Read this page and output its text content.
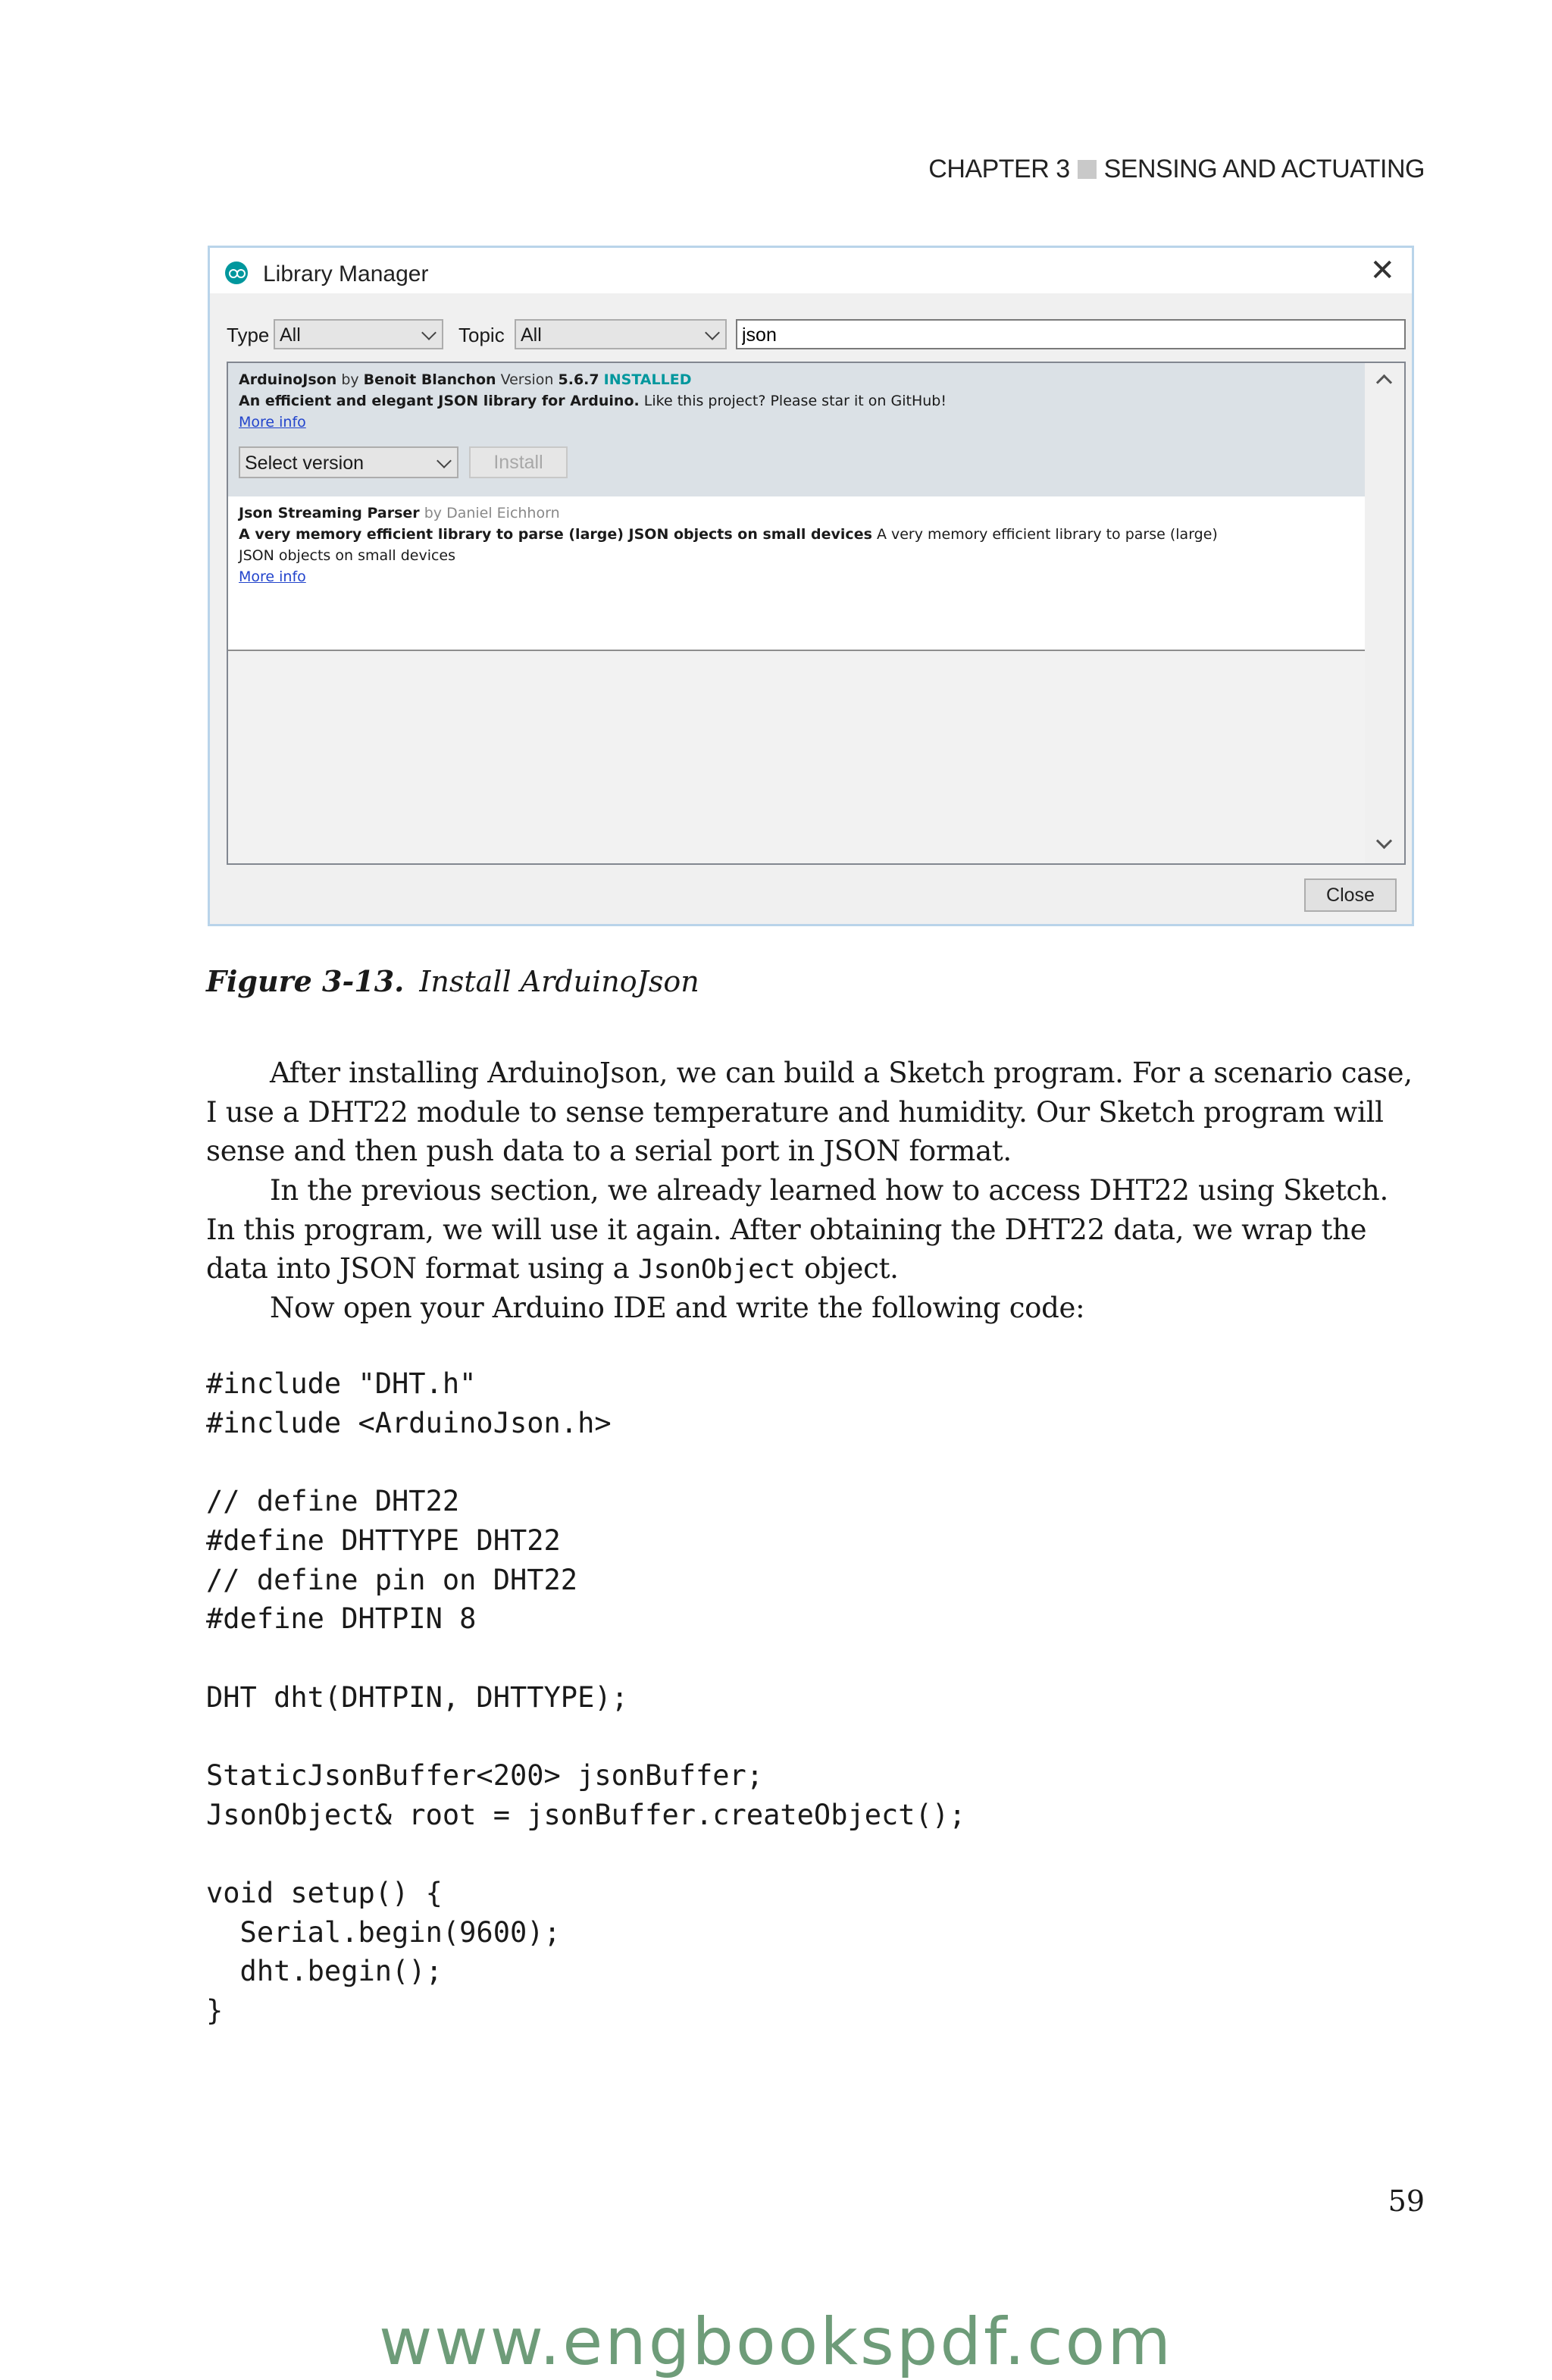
CHAPTER 3 SENSING AND ACTUATING
Library Manager	✕
Type All	Topic All
json
ArduinoJson by Benoit Blanchon Version 5.6.7 INSTALLED
An efficient and elegant JSON library for Arduino. Like this project? Please star it on GitHub!
More info
Select version	Install
Json Streaming Parser by Daniel Eichhorn
A very memory efficient library to parse (large) JSON objects on small devices A very memory efficient library to parse (large)
JSON objects on small devices
More info
Close
Figure 3-13. Install ArduinoJson

After installing ArduinoJson, we can build a Sketch program. For a scenario case, I use a DHT22 module to sense temperature and humidity. Our Sketch program will sense and then push data to a serial port in JSON format.

In the previous section, we already learned how to access DHT22 using Sketch. In this program, we will use it again. After obtaining the DHT22 data, we wrap the data into JSON format using a JsonObject object.

Now open your Arduino IDE and write the following code:

#include "DHT.h"
#include <ArduinoJson.h>
// define DHT22
#define DHTTYPE DHT22
// define pin on DHT22
#define DHTPIN 8
DHT dht(DHTPIN, DHTTYPE);
StaticJsonBuffer<200> jsonBuffer;
JsonObject& root = jsonBuffer.createObject();
void setup() {
Serial.begin(9600);
dht.begin();
}
59
www.engbookspdf.com
